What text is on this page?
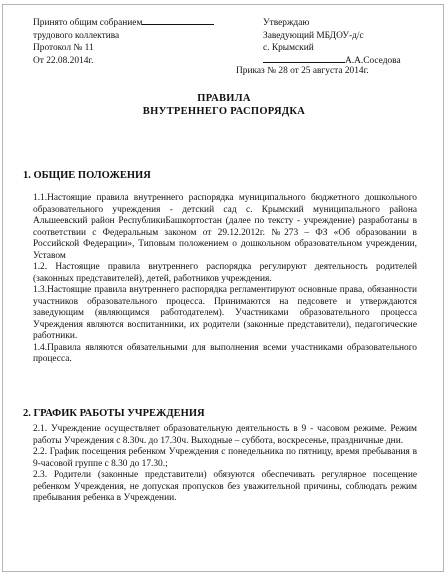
Принято общим собранием
трудового коллектива
Протокол № 11
От 22.08.2014г.
Утверждаю
Заведующий МБДОУ-д/с
с. Крымский
А.А.Соседова
Приказ № 28 от 25 августа 2014г.
ПРАВИЛА
ВНУТРЕННЕГО РАСПОРЯДКА
1. ОБЩИЕ ПОЛОЖЕНИЯ

1.1.Настоящие правила внутреннего распорядка муниципального бюджетного дошкольного образовательного учреждения - детский сад с. Крымский муниципального района Альшеевский район РеспубликиБашкортостан (далее по тексту - учреждение) разработаны в соответствии с Федеральным законом от 29.12.2012г. №273 – ФЗ «Об образовании в Российской Федерации», Типовым положением о дошкольном образовательном учреждении, Уставом

1.2. Настоящие правила внутреннего распорядка регулируют деятельность родителей (законных представителей), детей, работников учреждения.

1.3.Настоящие правила внутреннего распорядка регламентируют основные права, обязанности участников образовательного процесса. Принимаются на педсовете и утверждаются заведующим (являющимся работодателем). Участниками образовательного процесса Учреждения являются воспитанники, их родители (законные представители), педагогические работники.

1.4.Правила являются обязательными для выполнения всеми участниками образовательного процесса.

2. ГРАФИК РАБОТЫ УЧРЕЖДЕНИЯ

2.1. Учреждение осуществляет образовательную деятельность в 9 - часовом режиме. Режим работы Учреждения с 8.30ч. до 17.30ч. Выходные – суббота, воскресенье, праздничные дни.

2.2. График посещения ребенком Учреждения с понедельника по пятницу, время пребывания в 9-часовой группе с 8.30 до 17.30.;

2.3. Родители (законные представители) обязуются обеспечивать регулярное посещение ребенком Учреждения, не допуская пропусков без уважительной причины, соблюдать режим пребывания ребенка в Учреждении.
